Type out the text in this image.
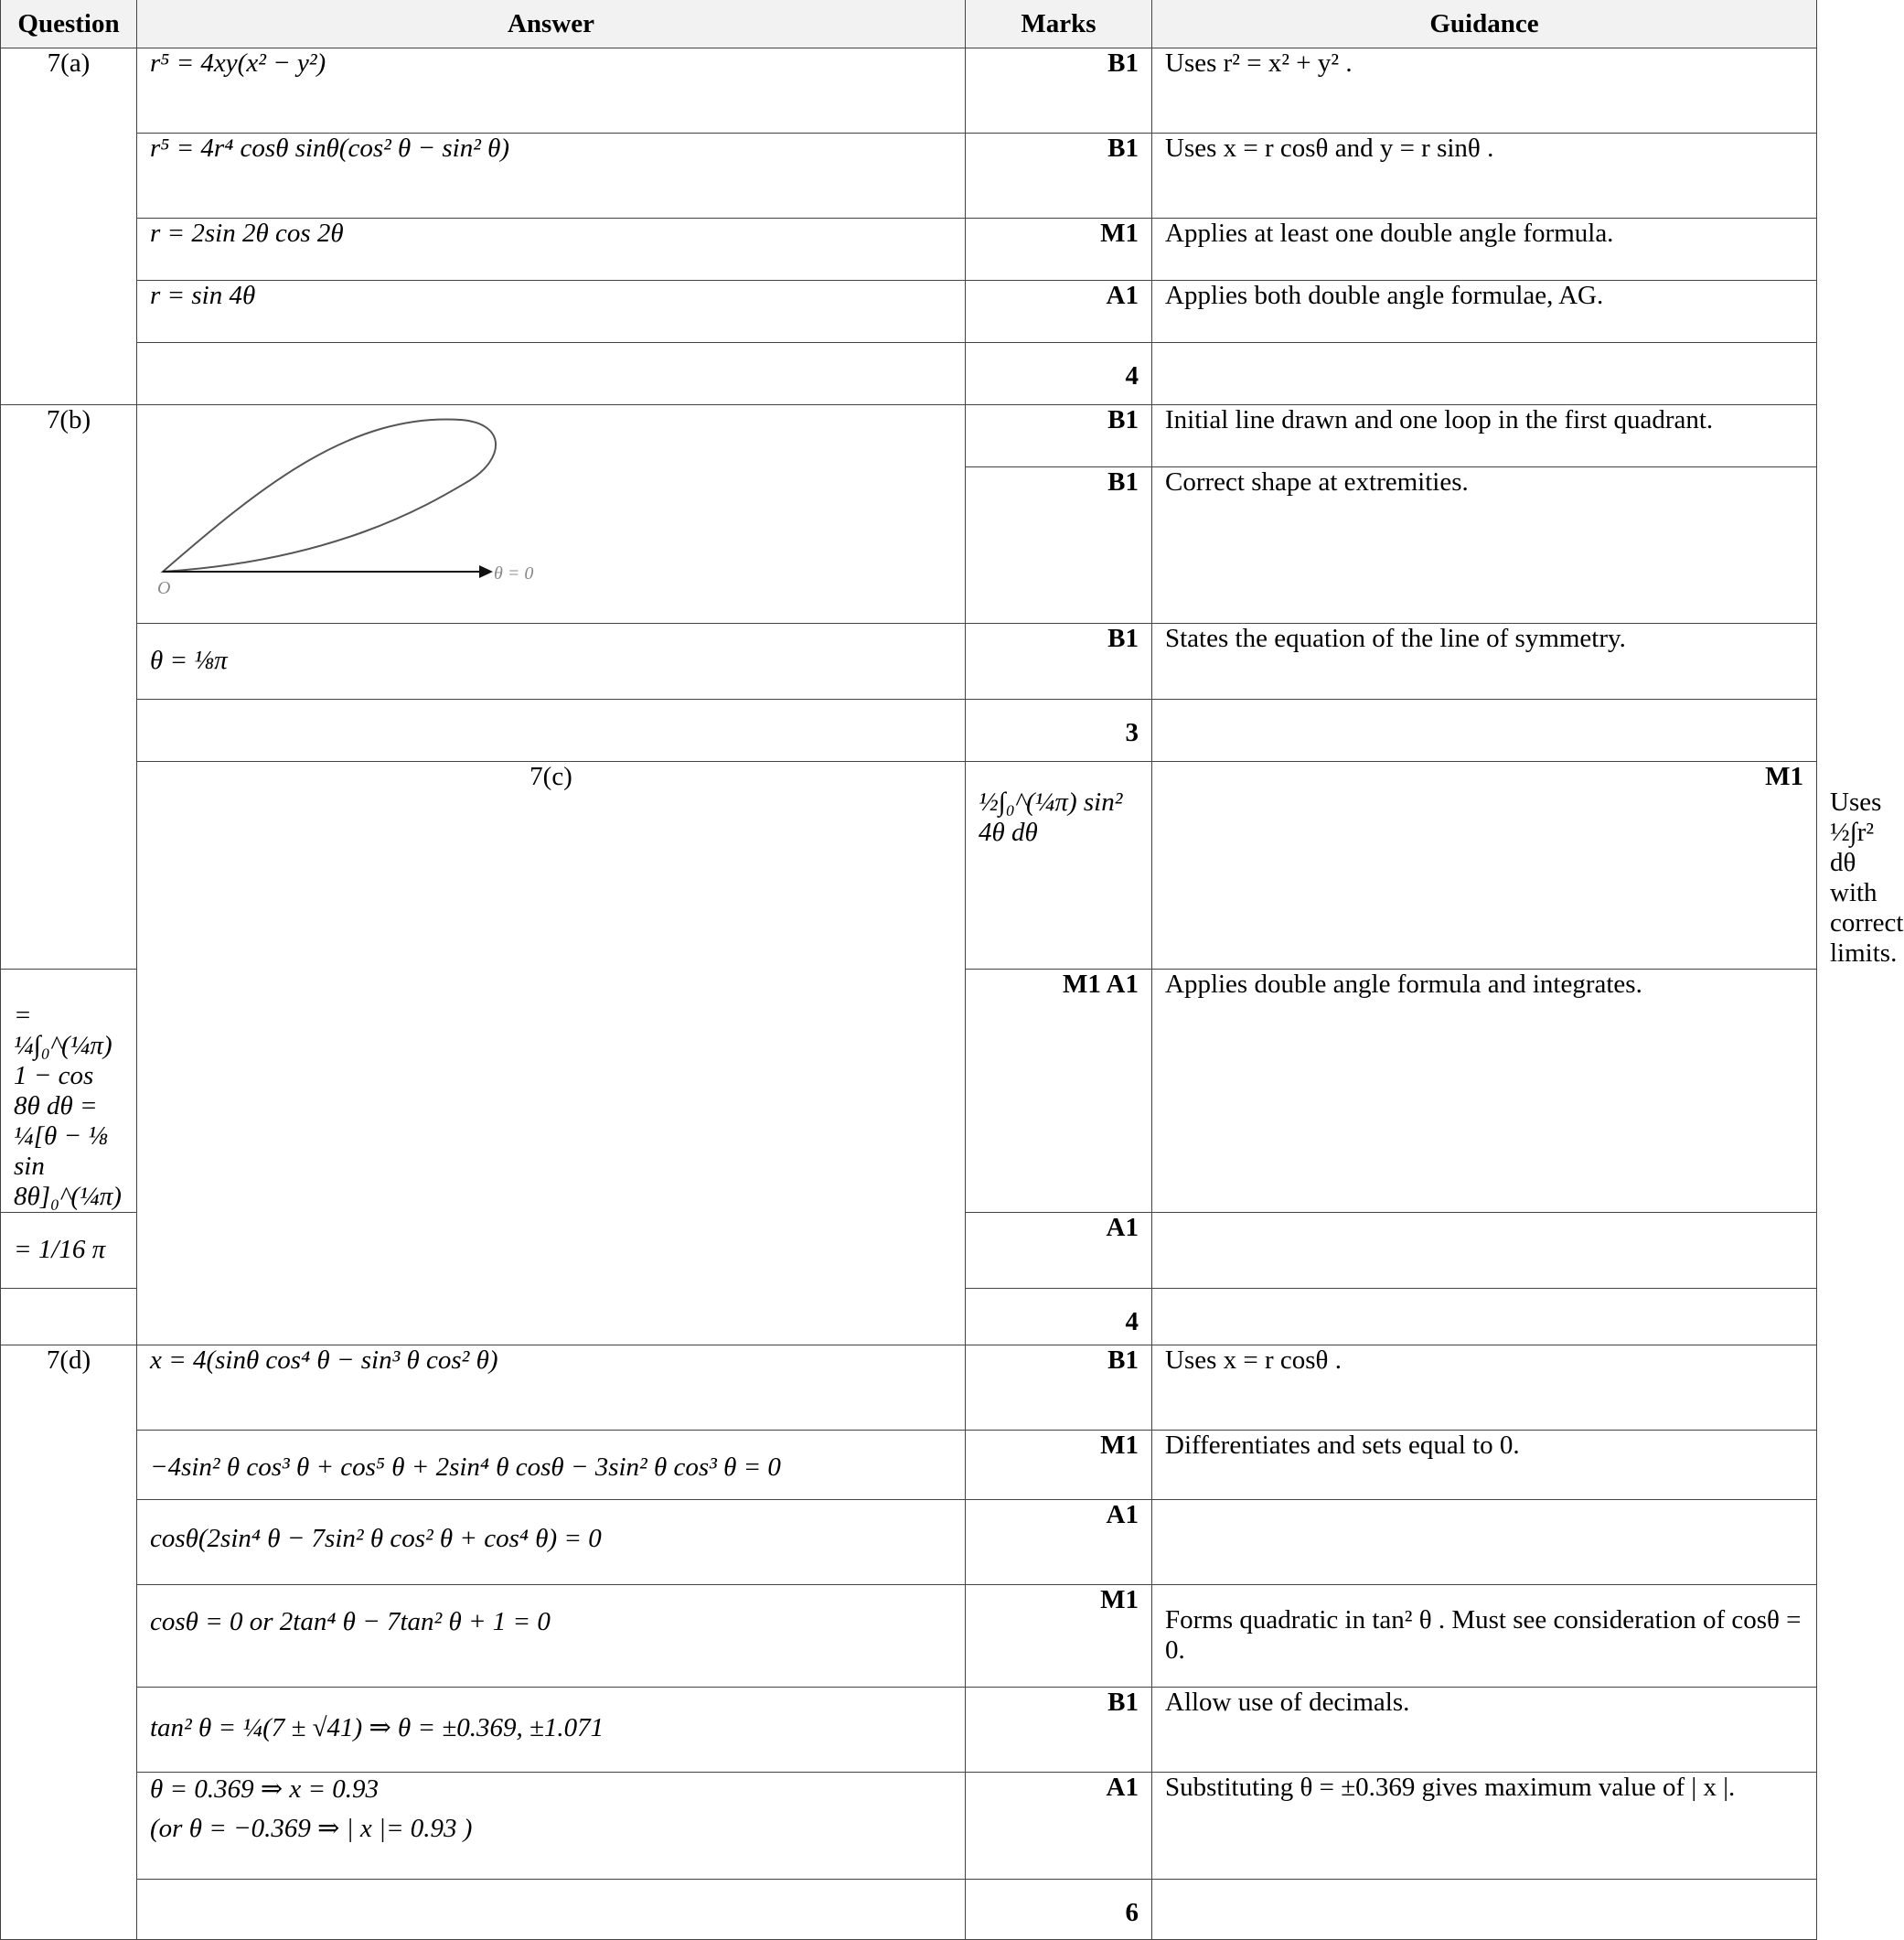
Question	Answer	Marks	Guidance	
7(a)	r⁵ = 4xy(x² − y²)	B1	Uses r² = x² + y² .	
	r⁵ = 4r⁴ cosθ sinθ(cos² θ − sin² θ)	B1	Uses x = r cosθ and y = r sinθ .	
	r = 2sin 2θ cos 2θ	M1	Applies at least one double angle formula.	
	r = sin 4θ	A1	Applies both double angle formulae, AG.	
		4		
7(b)	O
θ = 0	B1	Initial line drawn and one loop in the first quadrant.	
		B1	Correct shape at extremities.	
	θ = ⅛π	B1	States the equation of the line of symmetry.	
		3		
	7(c)	½∫₀^(¼π) sin² 4θ dθ	M1	Uses ½∫r² dθ with correct limits.
= ¼∫₀^(¼π) 1 − cos 8θ dθ = ¼[θ − ⅛ sin 8θ]₀^(¼π)		M1 A1	Applies double angle formula and integrates.	
= 1/16 π		A1		
		4		
7(d)	x = 4(sinθ cos⁴ θ − sin³ θ cos² θ)	B1	Uses x = r cosθ .	
	−4sin² θ cos³ θ + cos⁵ θ + 2sin⁴ θ cosθ − 3sin² θ cos³ θ = 0	M1	Differentiates and sets equal to 0.	
	cosθ(2sin⁴ θ − 7sin² θ cos² θ + cos⁴ θ) = 0	A1		
	cosθ = 0 or 2tan⁴ θ − 7tan² θ + 1 = 0	M1	Forms quadratic in tan² θ . Must see consideration of cosθ = 0.	
	tan² θ = ¼(7 ± √41) ⇒ θ = ±0.369, ±1.071	B1	Allow use of decimals.	

	θ = 0.369 ⇒ x = 0.93
(or θ = −0.369 ⇒ | x |= 0.93 )	A1	Substituting θ = ±0.369 gives maximum value of | x |.	
		6		
